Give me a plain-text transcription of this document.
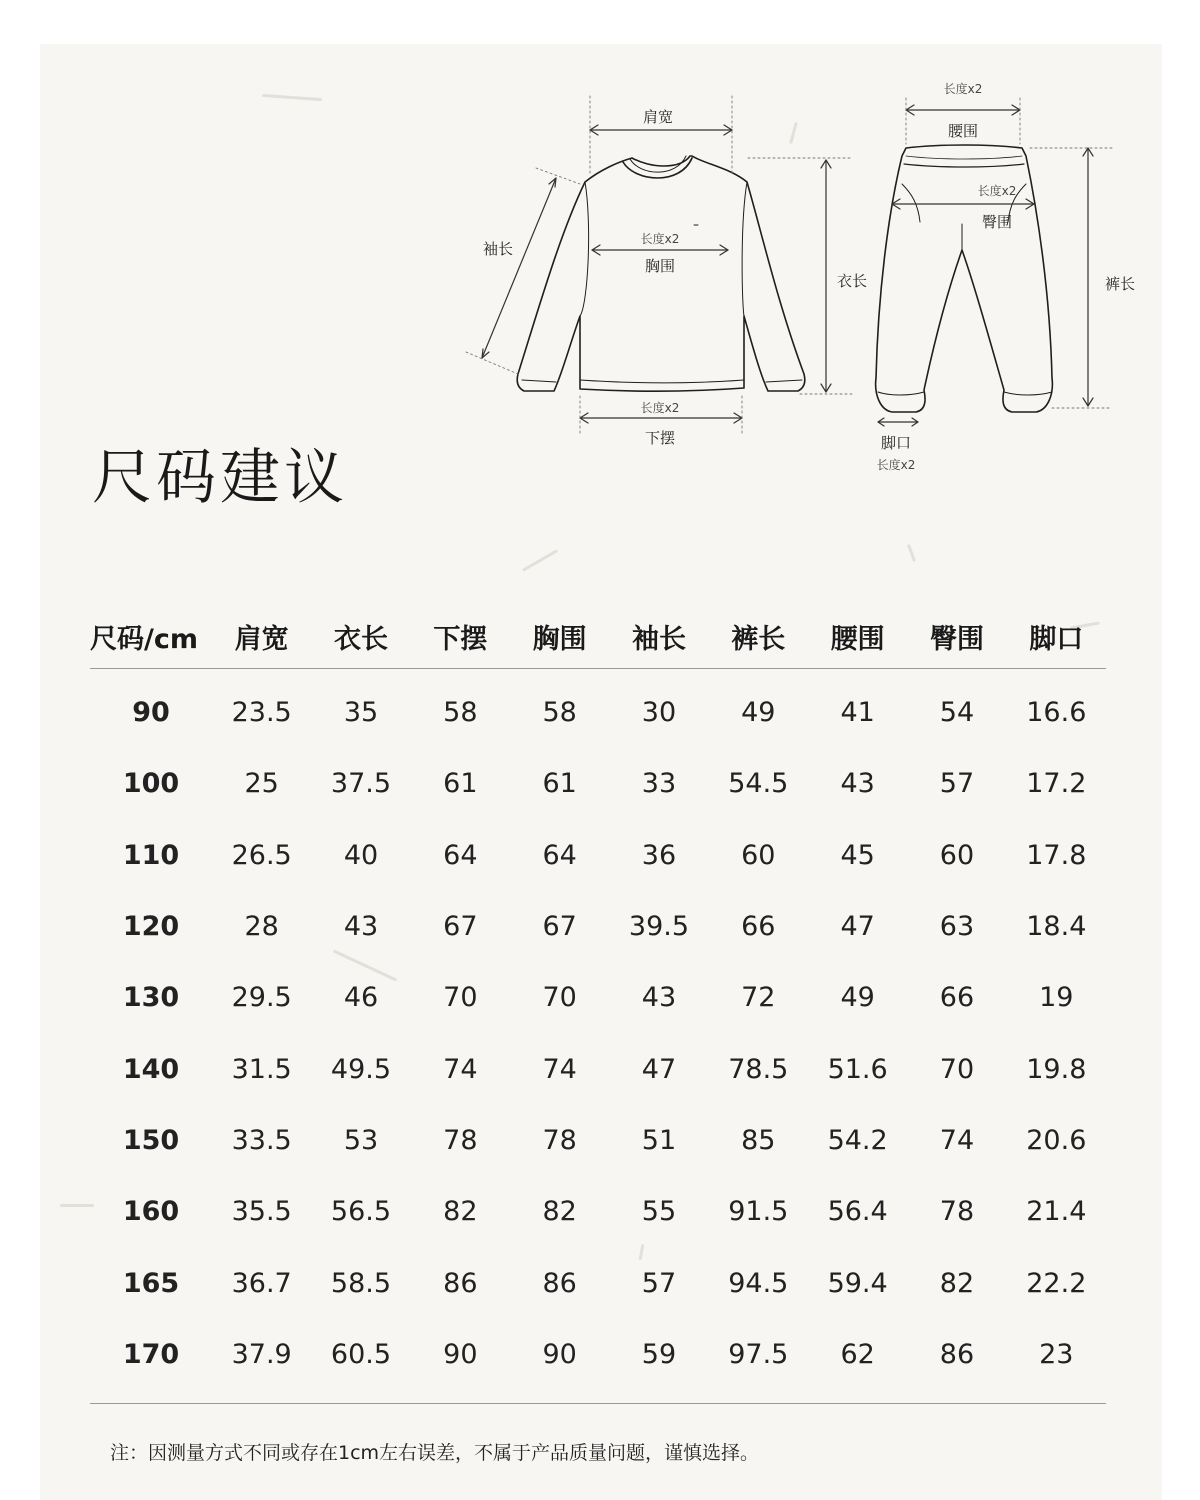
肩宽
袖长
长度x2
胸围
长度x2
下摆
衣长
长度x2
腰围
长度x2
臀围
裤长
脚口
长度x2
尺码建议
尺码/cm	肩宽	衣长	下摆	胸围	袖长	裤长	腰围	臀围	脚口
90	23.5	35	58	58	30	49	41	54	16.6
100	25	37.5	61	61	33	54.5	43	57	17.2
110	26.5	40	64	64	36	60	45	60	17.8
120	28	43	67	67	39.5	66	47	63	18.4
130	29.5	46	70	70	43	72	49	66	19
140	31.5	49.5	74	74	47	78.5	51.6	70	19.8
150	33.5	53	78	78	51	85	54.2	74	20.6
160	35.5	56.5	82	82	55	91.5	56.4	78	21.4
165	36.7	58.5	86	86	57	94.5	59.4	82	22.2
170	37.9	60.5	90	90	59	97.5	62	86	23
注：因测量方式不同或存在1cm左右误差，不属于产品质量问题，谨慎选择。
